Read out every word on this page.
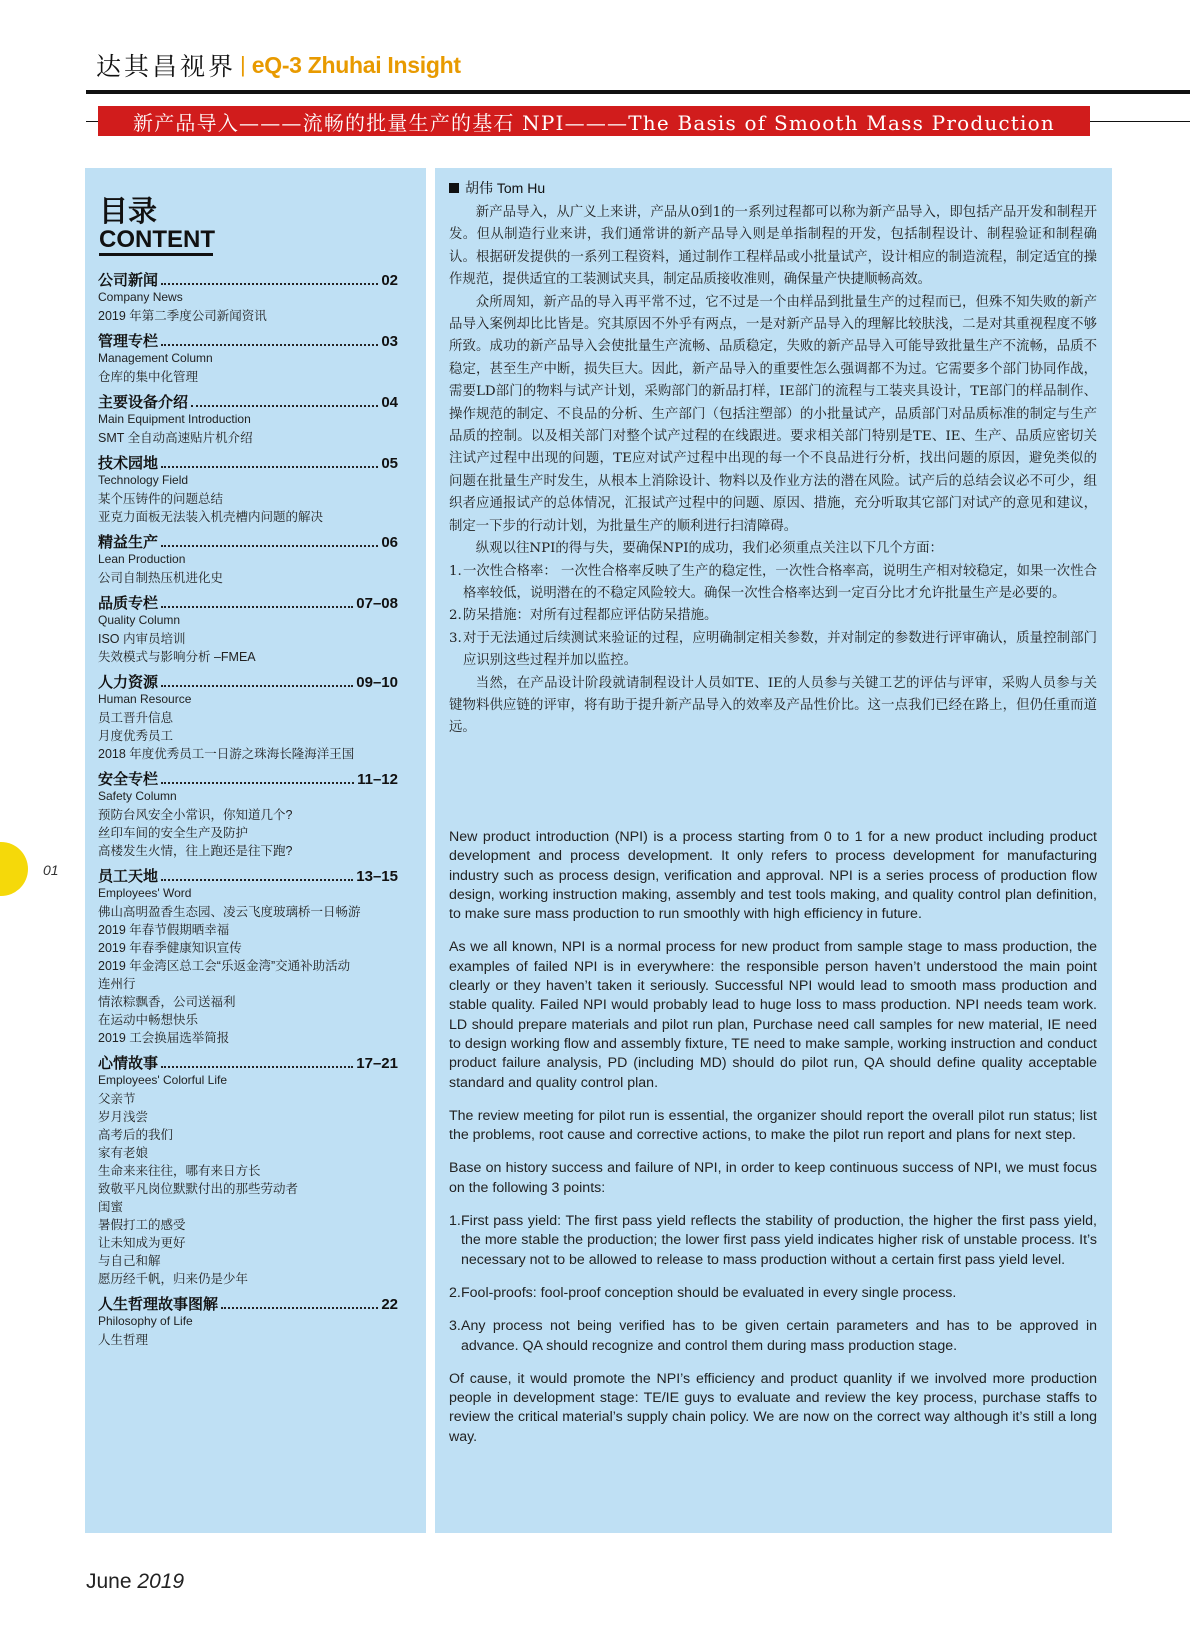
达其昌视界 | eQ-3 Zhuhai Insight
新产品导入———流畅的批量生产的基石 NPI———The Basis of Smooth Mass Production
目录
CONTENT
公司新闻	02
Company News
2019 年第二季度公司新闻资讯
管理专栏	03
Management Column
仓库的集中化管理
主要设备介绍	04
Main Equipment Introduction
SMT 全自动高速贴片机介绍
技术园地	05
Technology Field
某个压铸件的问题总结
亚克力面板无法装入机壳槽内问题的解决
精益生产	06
Lean Production
公司自制热压机进化史
品质专栏	07–08
Quality Column
ISO 内审员培训
失效模式与影响分析 –FMEA
人力资源	09–10
Human Resource
员工晋升信息
月度优秀员工
2018 年度优秀员工一日游之珠海长隆海洋王国
安全专栏	11–12
Safety Column
预防台风安全小常识，你知道几个?
丝印车间的安全生产及防护
高楼发生火情，往上跑还是往下跑?
员工天地	13–15
Employees' Word
佛山高明盈香生态园、凌云飞度玻璃桥一日畅游
2019 年春节假期晒幸福
2019 年春季健康知识宣传
2019 年金湾区总工会“乐返金湾”交通补助活动
连州行
情浓粽飘香，公司送福利
在运动中畅想快乐
2019 工会换届选举简报
心情故事	17–21
Employees' Colorful Life
父亲节
岁月浅尝
高考后的我们
家有老娘
生命来来往往，哪有来日方长
致敬平凡岗位默默付出的那些劳动者
闺蜜
暑假打工的感受
让未知成为更好
与自己和解
愿历经千帆，归来仍是少年
人生哲理故事图解	22
Philosophy of Life
人生哲理
胡伟 Tom Hu

新产品导入，从广义上来讲，产品从0到1的一系列过程都可以称为新产品导入，即包括产品开发和制程开发。但从制造行业来讲，我们通常讲的新产品导入则是单指制程的开发，包括制程设计、制程验证和制程确认。根据研发提供的一系列工程资料，通过制作工程样品或小批量试产，设计相应的制造流程，制定适宜的操作规范，提供适宜的工装测试夹具，制定品质接收准则，确保量产快捷顺畅高效。

众所周知，新产品的导入再平常不过，它不过是一个由样品到批量生产的过程而已，但殊不知失败的新产品导入案例却比比皆是。究其原因不外乎有两点，一是对新产品导入的理解比较肤浅，二是对其重视程度不够所致。成功的新产品导入会使批量生产流畅、品质稳定，失败的新产品导入可能导致批量生产不流畅，品质不稳定，甚至生产中断，损失巨大。因此，新产品导入的重要性怎么强调都不为过。它需要多个部门协同作战，需要LD部门的物料与试产计划，采购部门的新品打样，IE部门的流程与工装夹具设计，TE部门的样品制作、操作规范的制定、不良品的分析、生产部门（包括注塑部）的小批量试产，品质部门对品质标准的制定与生产品质的控制。以及相关部门对整个试产过程的在线跟进。要求相关部门特别是TE、IE、生产、品质应密切关注试产过程中出现的问题，TE应对试产过程中出现的每一个不良品进行分析，找出问题的原因，避免类似的问题在批量生产时发生，从根本上消除设计、物料以及作业方法的潜在风险。试产后的总结会议必不可少，组织者应通报试产的总体情况，汇报试产过程中的问题、原因、措施，充分听取其它部门对试产的意见和建议，制定一下步的行动计划，为批量生产的顺利进行扫清障碍。

纵观以往NPI的得与失，要确保NPI的成功，我们必须重点关注以下几个方面：

1. 一次性合格率： 一次性合格率反映了生产的稳定性，一次性合格率高，说明生产相对较稳定，如果一次性合格率较低，说明潜在的不稳定风险较大。确保一次性合格率达到一定百分比才允许批量生产是必要的。

2. 防呆措施：对所有过程都应评估防呆措施。

3. 对于无法通过后续测试来验证的过程，应明确制定相关参数，并对制定的参数进行评审确认，质量控制部门应识别这些过程并加以监控。

当然，在产品设计阶段就请制程设计人员如TE、IE的人员参与关键工艺的评估与评审，采购人员参与关键物料供应链的评审，将有助于提升新产品导入的效率及产品性价比。这一点我们已经在路上，但仍任重而道远。

New product introduction (NPI) is a process starting from 0 to 1 for a new product including product development and process development. It only refers to process development for manufacturing industry such as process design, verification and approval. NPI is a series process of production flow design, working instruction making, assembly and test tools making, and quality control plan definition, to make sure mass production to run smoothly with high efficiency in future.

As we all known, NPI is a normal process for new product from sample stage to mass production, the examples of failed NPI is in everywhere: the responsible person haven’t understood the main point clearly or they haven’t taken it seriously. Successful NPI would lead to smooth mass production and stable quality. Failed NPI would probably lead to huge loss to mass production. NPI needs team work. LD should prepare materials and pilot run plan, Purchase need call samples for new material, IE need to design working flow and assembly fixture, TE need to make sample, working instruction and conduct product failure analysis, PD (including MD) should do pilot run, QA should define quality acceptable standard and quality control plan.

The review meeting for pilot run is essential, the organizer should report the overall pilot run status; list the problems, root cause and corrective actions, to make the pilot run report and plans for next step.

Base on history success and failure of NPI, in order to keep continuous success of NPI, we must focus on the following 3 points:

1. First pass yield: The first pass yield reflects the stability of production, the higher the first pass yield, the more stable the production; the lower first pass yield indicates higher risk of unstable process. It’s necessary not to be allowed to release to mass production without a certain first pass yield level.

2. Fool-proofs: fool-proof conception should be evaluated in every single process.

3. Any process not being verified has to be given certain parameters and has to be approved in advance. QA should recognize and control them during mass production stage.

Of cause, it would promote the NPI’s efficiency and product quanlity if we involved more production people in development stage: TE/IE guys to evaluate and review the key process, purchase staffs to review the critical material’s supply chain policy. We are now on the correct way although it’s still a long way.

01
June 2019
